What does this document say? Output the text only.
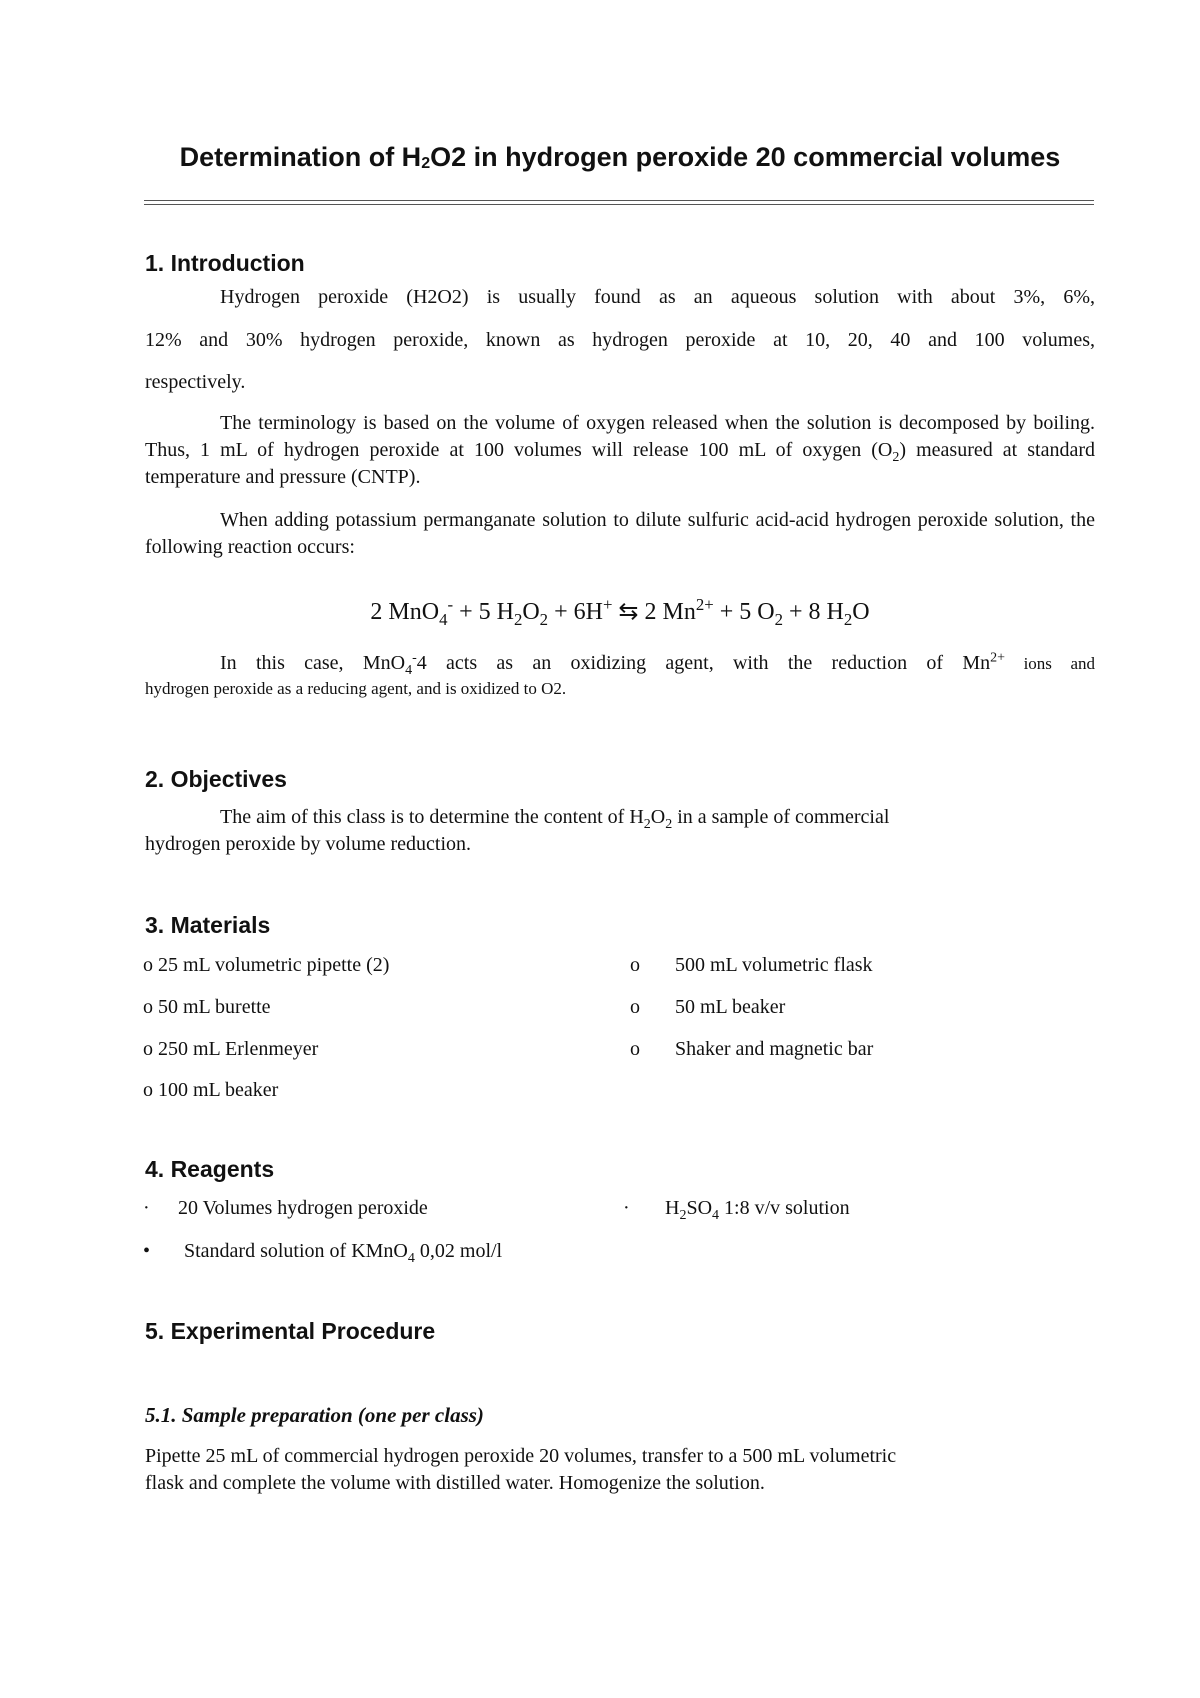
Determination of $H_2O2$ in hydrogen peroxide 20 commercial volumes
1. Introduction

Hydrogen peroxide (H2O2) is usually found as an aqueous solution with about 3%, 6%,

12% and 30% hydrogen peroxide, known as hydrogen peroxide at 10, 20, 40 and 100 volumes,

respectively.

The terminology is based on the volume of oxygen released when the solution is decomposed by boiling. Thus, 1 mL of hydrogen peroxide at 100 volumes will release 100 mL of oxygen $(O_2)$ measured at standard temperature and pressure (CNTP).

When adding potassium permanganate solution to dilute sulfuric acid-acid hydrogen peroxide solution, the following reaction occurs:

2 MnO$_4$- + 5 $H_2O_2 + 6H^+$ ⇆ 2 $Mn^{2+} + 5$ $O_2 + 8$ $H_2O$

In this case, MnO$_4$-4 acts as an oxidizing agent, with the reduction of $Mn^{2+}$ ions and

hydrogen peroxide as a reducing agent, and is oxidized to O2.

2. Objectives

The aim of this class is to determine the content of $H_2O_2$ in a sample of commercial

hydrogen peroxide by volume reduction.

3. Materials

o 25 mL volumetric pipette (2)

o 50 mL burette

o 250 mL Erlenmeyer

o 100 mL beaker

o 500 mL volumetric flask

o 50 mL beaker

o Shaker and magnetic bar

4. Reagents

· 20 Volumes hydrogen peroxide	· $H_2SO_4$ 1:8 v/v solution

• Standard solution of KMnO$_4$ 0,02 mol/l

5. Experimental Procedure

5.1. Sample preparation (one per class)

Pipette 25 mL of commercial hydrogen peroxide 20 volumes, transfer to a 500 mL volumetric

flask and complete the volume with distilled water. Homogenize the solution.
